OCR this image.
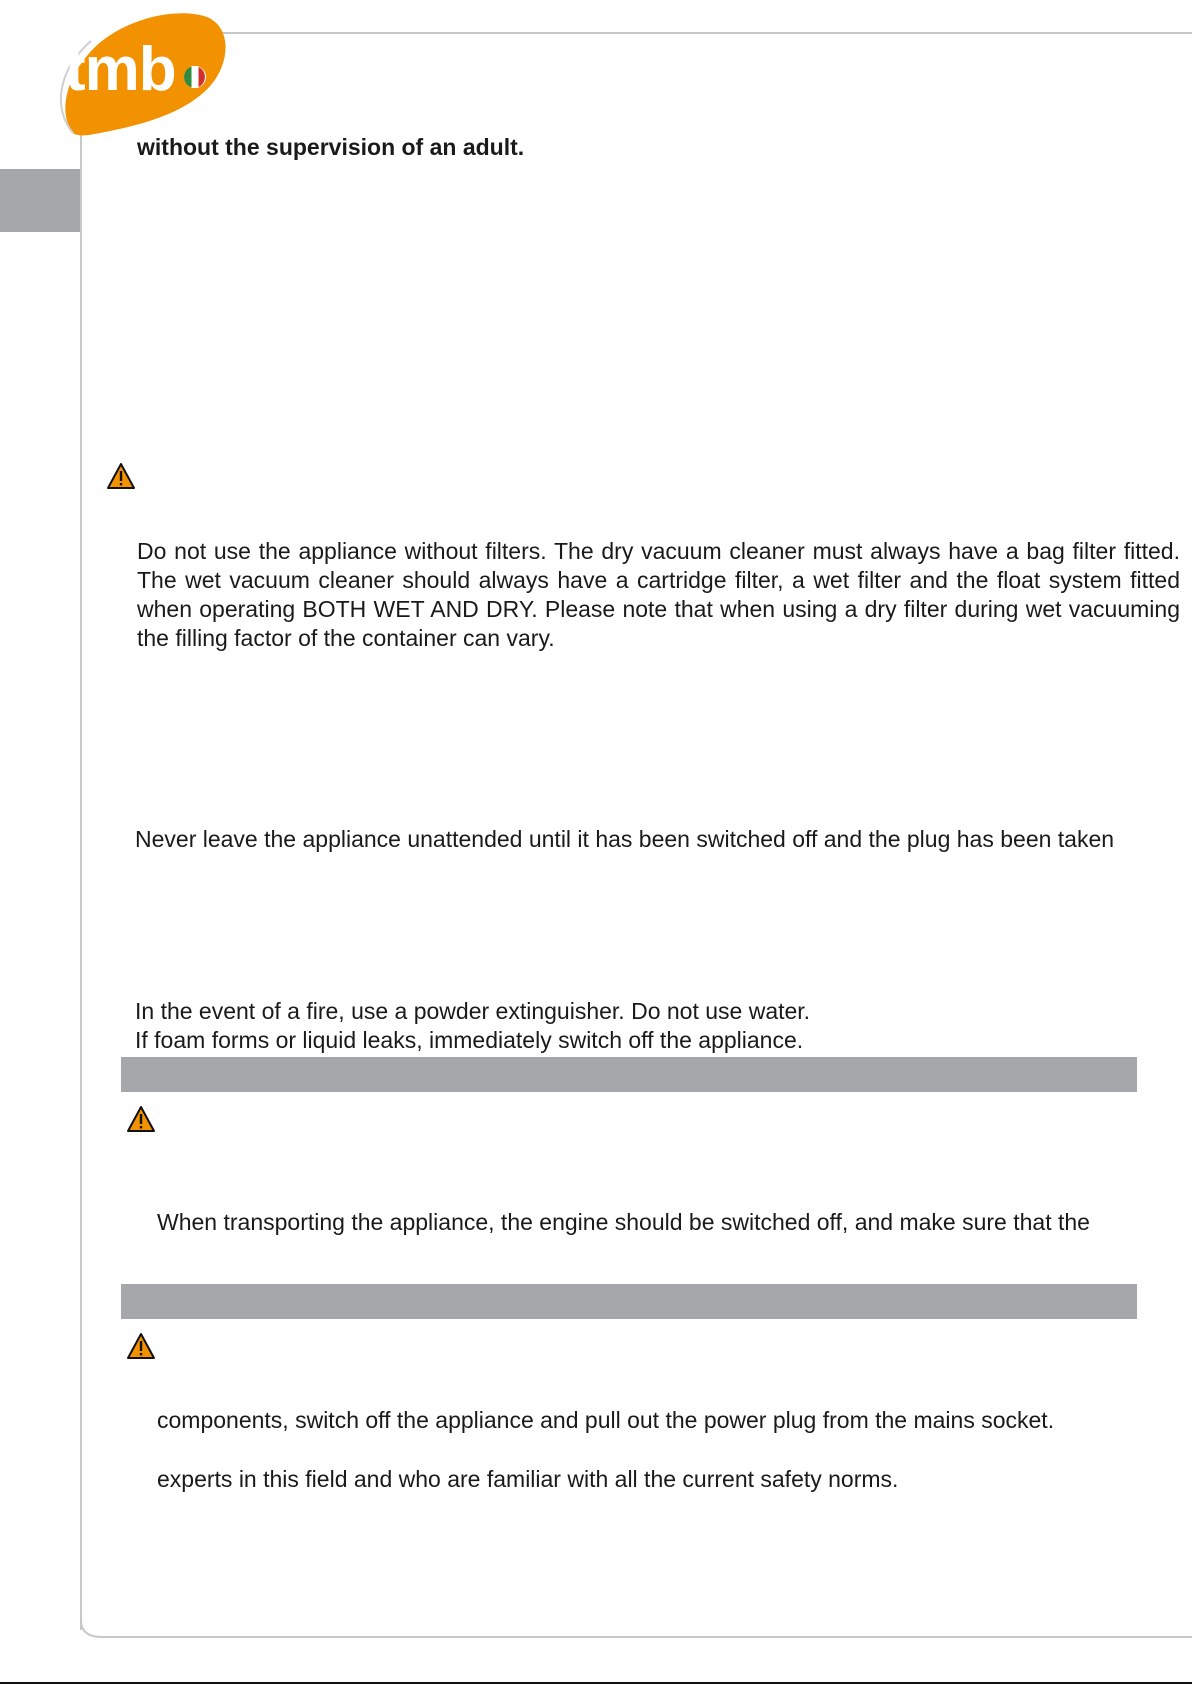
tmb

without the supervision of an adult.

Do not use the appliance without filters. The dry vacuum cleaner must always have a bag filter fitted. The wet vacuum cleaner should always have a cartridge filter, a wet filter and the float system fitted when operating BOTH WET AND DRY. Please note that when using a dry filter during wet vacuuming the filling factor of the container can vary.

Never leave the appliance unattended until it has been switched off and the plug has been taken

In the event of a fire, use a powder extinguisher. Do not use water.

If foam forms or liquid leaks, immediately switch off the appliance.

When transporting the appliance, the engine should be switched off, and make sure that the

components, switch off the appliance and pull out the power plug from the mains socket.

experts in this field and who are familiar with all the current safety norms.
